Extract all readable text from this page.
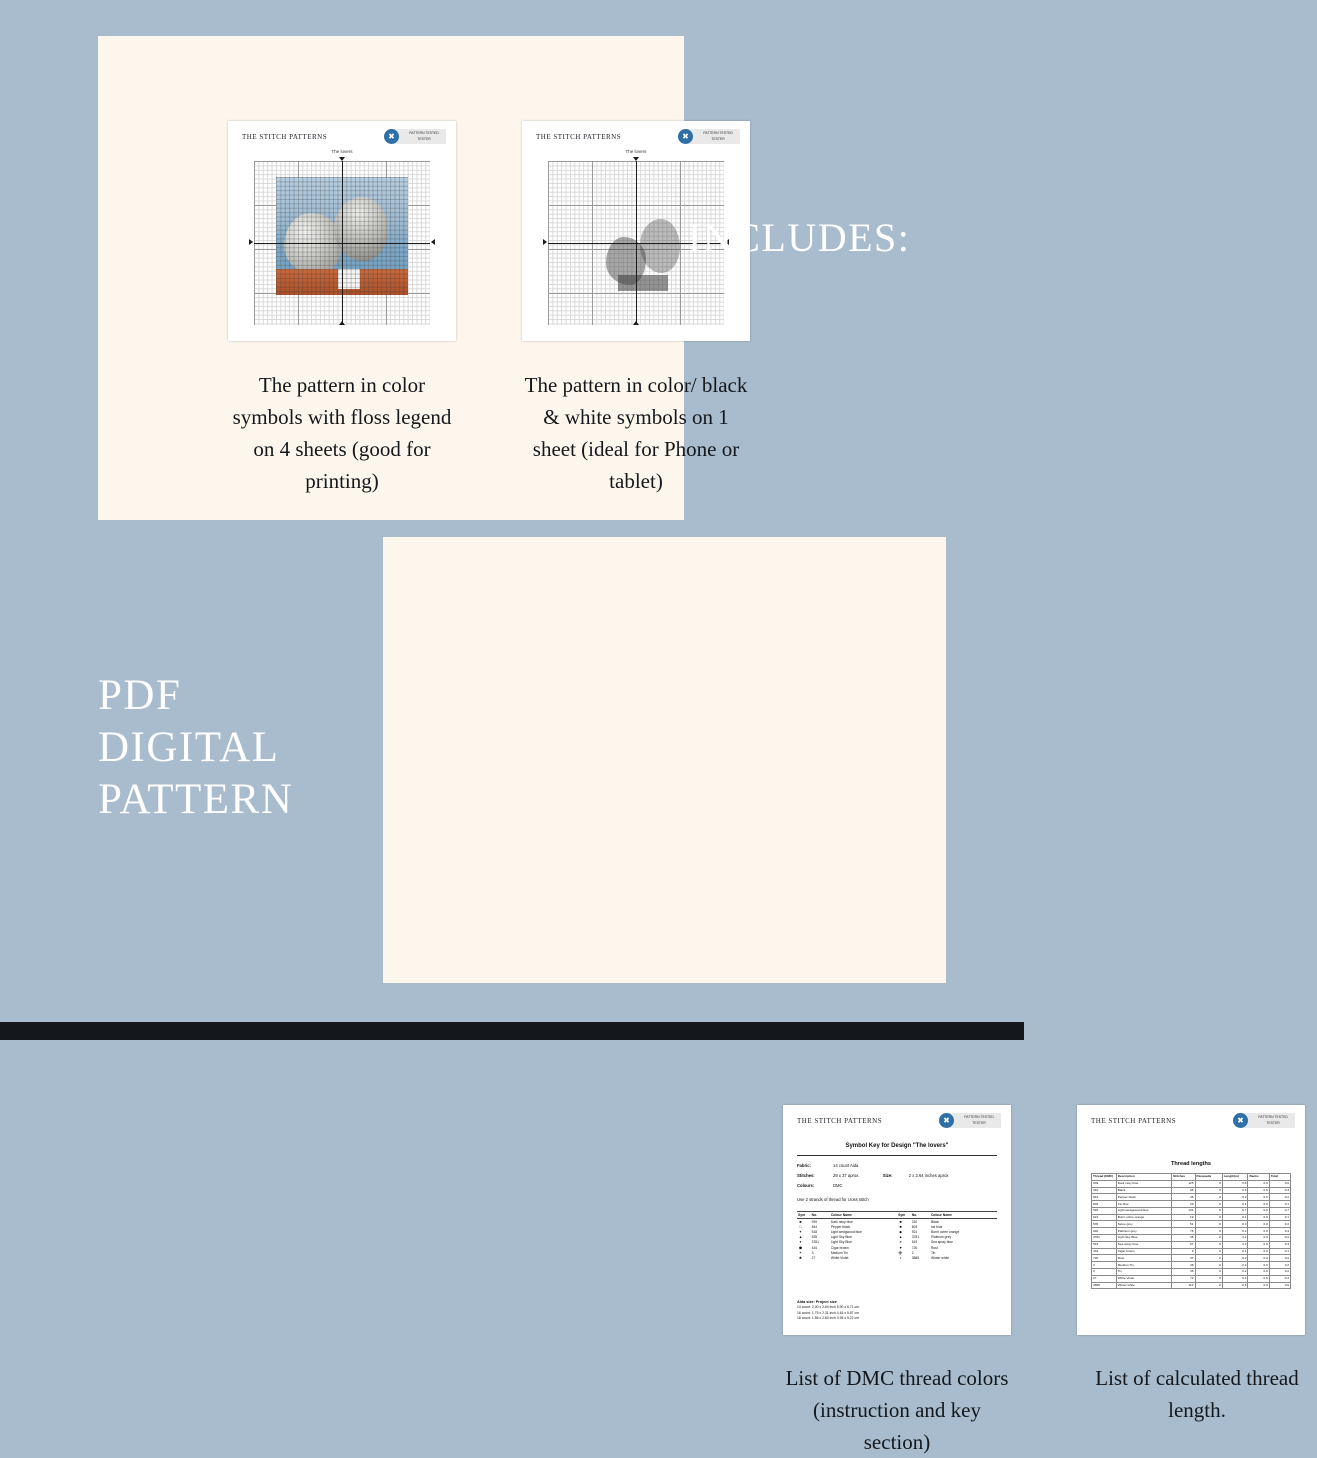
THE STITCH PATTERNS	✖	PATTERN TESTED
TESTER
The lovers
THE STITCH PATTERNS	✖	PATTERN TESTED
TESTER
The lovers
The pattern in color symbols with floss legend on 4 sheets (good for printing)
The pattern in color/ black & white symbols on 1 sheet (ideal for Phone or tablet)
INCLUDES:
PDF
DIGITAL
PATTERN
THE STITCH PATTERNS	✖	PATTERN TESTED
TESTER
Symbol Key for Design "The lovers"
Fabric:	14 count Aida
Stitches:	28 x 37 aprox.	Size:	2 x 2.64 inches aprox
Colours:	DMC
Use 2 strands of thread for cross stitch
Sym	No.	Colour Name	Sym	No.	Colour Name
■	939	Dark navy blue	■	310	Black
□	844	Pepper black	■	803	Ink blue
✦	518	Light wedgwood blue	◆	921	Burnt ochre orange
▲	535	Light Sky Blue	▲	3781	Platinum grey
●	3781	Light Sky Blue	✕	519	Sea spray blue
⬟	434	Cigar brown	▼	720	Rust
✶	3	Medium Tin	➕	2	Tin
✱	27	White Violet	•	3865	Winter white
Aida size: Project size
14 count: 2.00 x 2.64 inch 5.90 x 6.71 cm
16 count: 1.75 x 2.31 inch 4.45 x 5.87 cm
18 count: 1.56 x 2.60 inch 3.95 x 5.22 cm
THE STITCH PATTERNS	✖	PATTERN TESTED
TESTER
Thread lengths
Thread (DMC)	Description	Stitches	Pasqueda	Length(m)	Backs	Total
939	Dark navy blue	125	0	0.6	0.0	0.6
310	Black	66	0	0.3	0.0	0.3
844	Pepper black	46	0	0.2	0.0	0.2
803	Ink blue	29	0	0.1	0.0	0.1
518	Light wedgewood blue	131	0	0.7	0.0	0.7
921	Burnt ochre orange	19	0	0.1	0.0	0.1
535	Stone grey	51	0	0.3	0.0	0.3
646	Platinum grey	76	0	0.4	0.0	0.4
3781	Light Sky Blue	38	0	0.2	0.0	0.2
519	Sea spray blue	67	0	0.3	0.0	0.3
434	Cigar brown	9	0	0.1	0.0	0.1
720	Rust	37	0	0.2	0.0	0.2
3	Medium Tin	48	0	0.2	0.0	0.2
2	Tin	36	0	0.2	0.0	0.2
27	White Violet	72	0	0.4	0.0	0.4
3865	Winter white	110	0	0.6	0.0	0.6
List of DMC thread colors (instruction and key section)
List of calculated thread length.
